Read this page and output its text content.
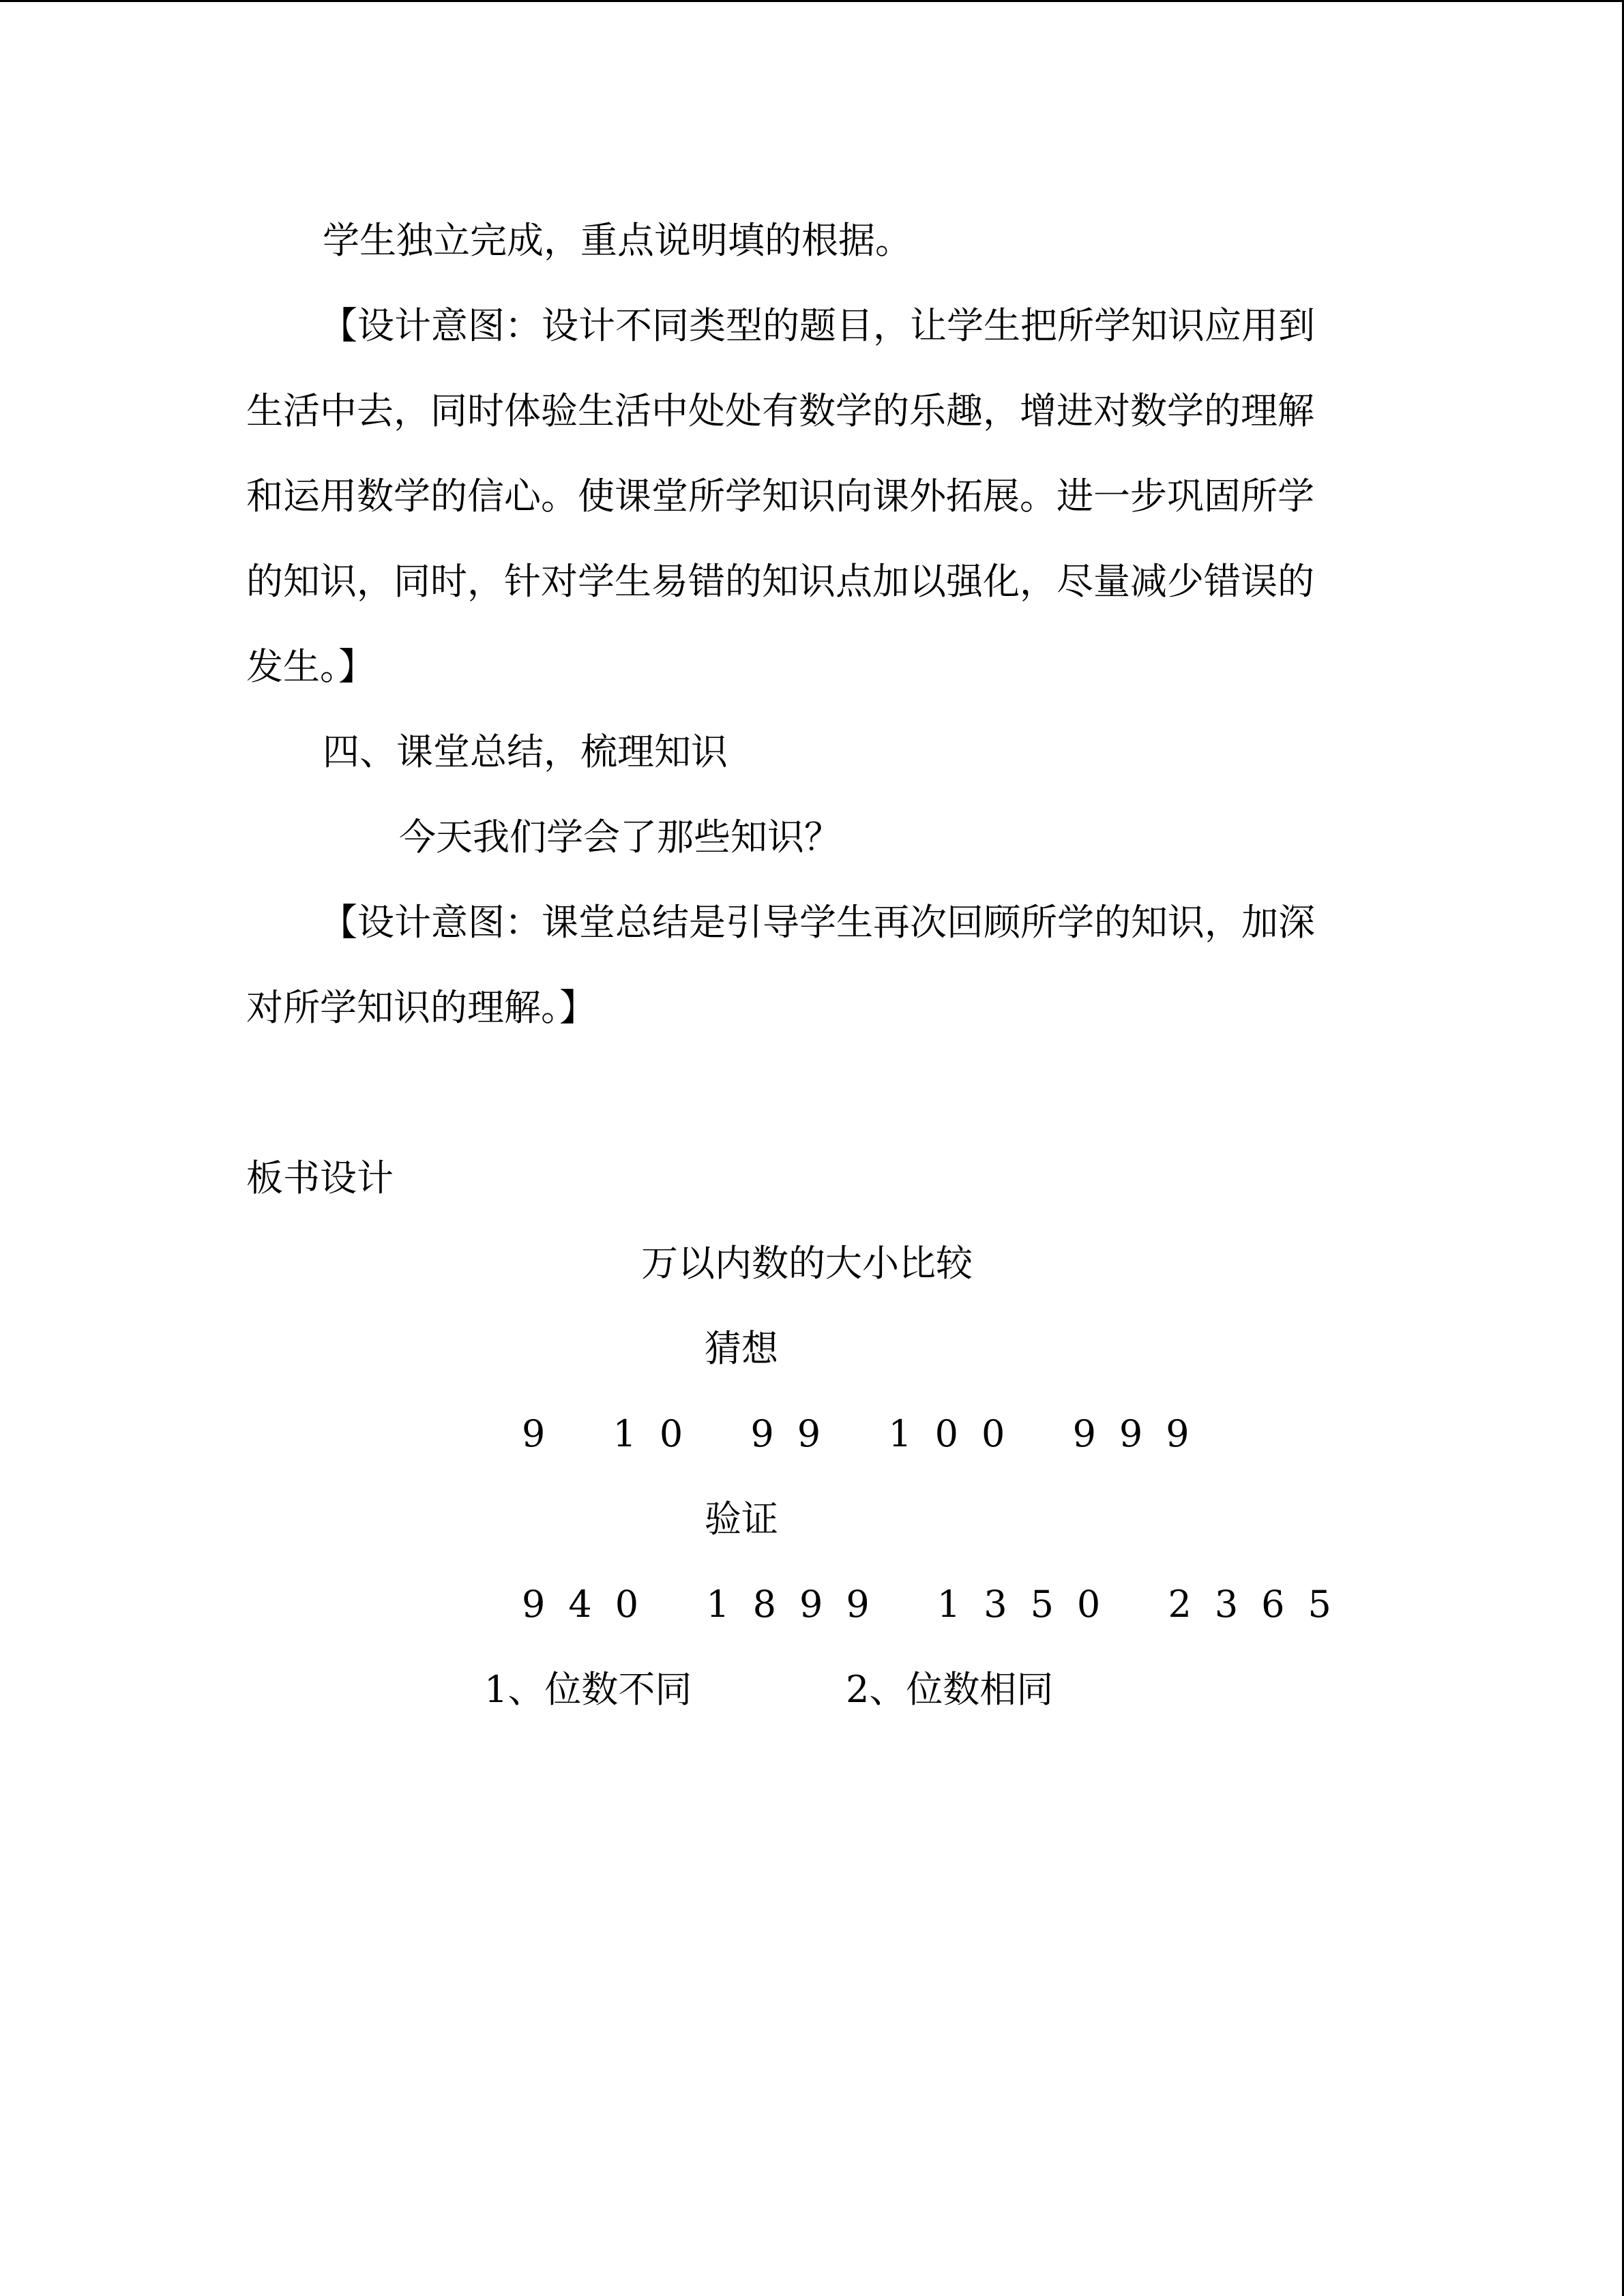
学生独立完成，重点说明填的根据。

【设计意图：设计不同类型的题目，让学生把所学知识应用到

生活中去，同时体验生活中处处有数学的乐趣，增进对数学的理解

和运用数学的信心。使课堂所学知识向课外拓展。进一步巩固所学

的知识，同时，针对学生易错的知识点加以强化，尽量减少错误的

发生。】

四、课堂总结，梳理知识

今天我们学会了那些知识？

【设计意图：课堂总结是引导学生再次回顾所学的知识，加深

对所学知识的理解。】

板书设计

万以内数的大小比较

猜想

9 10 99 100 999

验证

940 1899 1350 2365

1、位数不同	2、位数相同
